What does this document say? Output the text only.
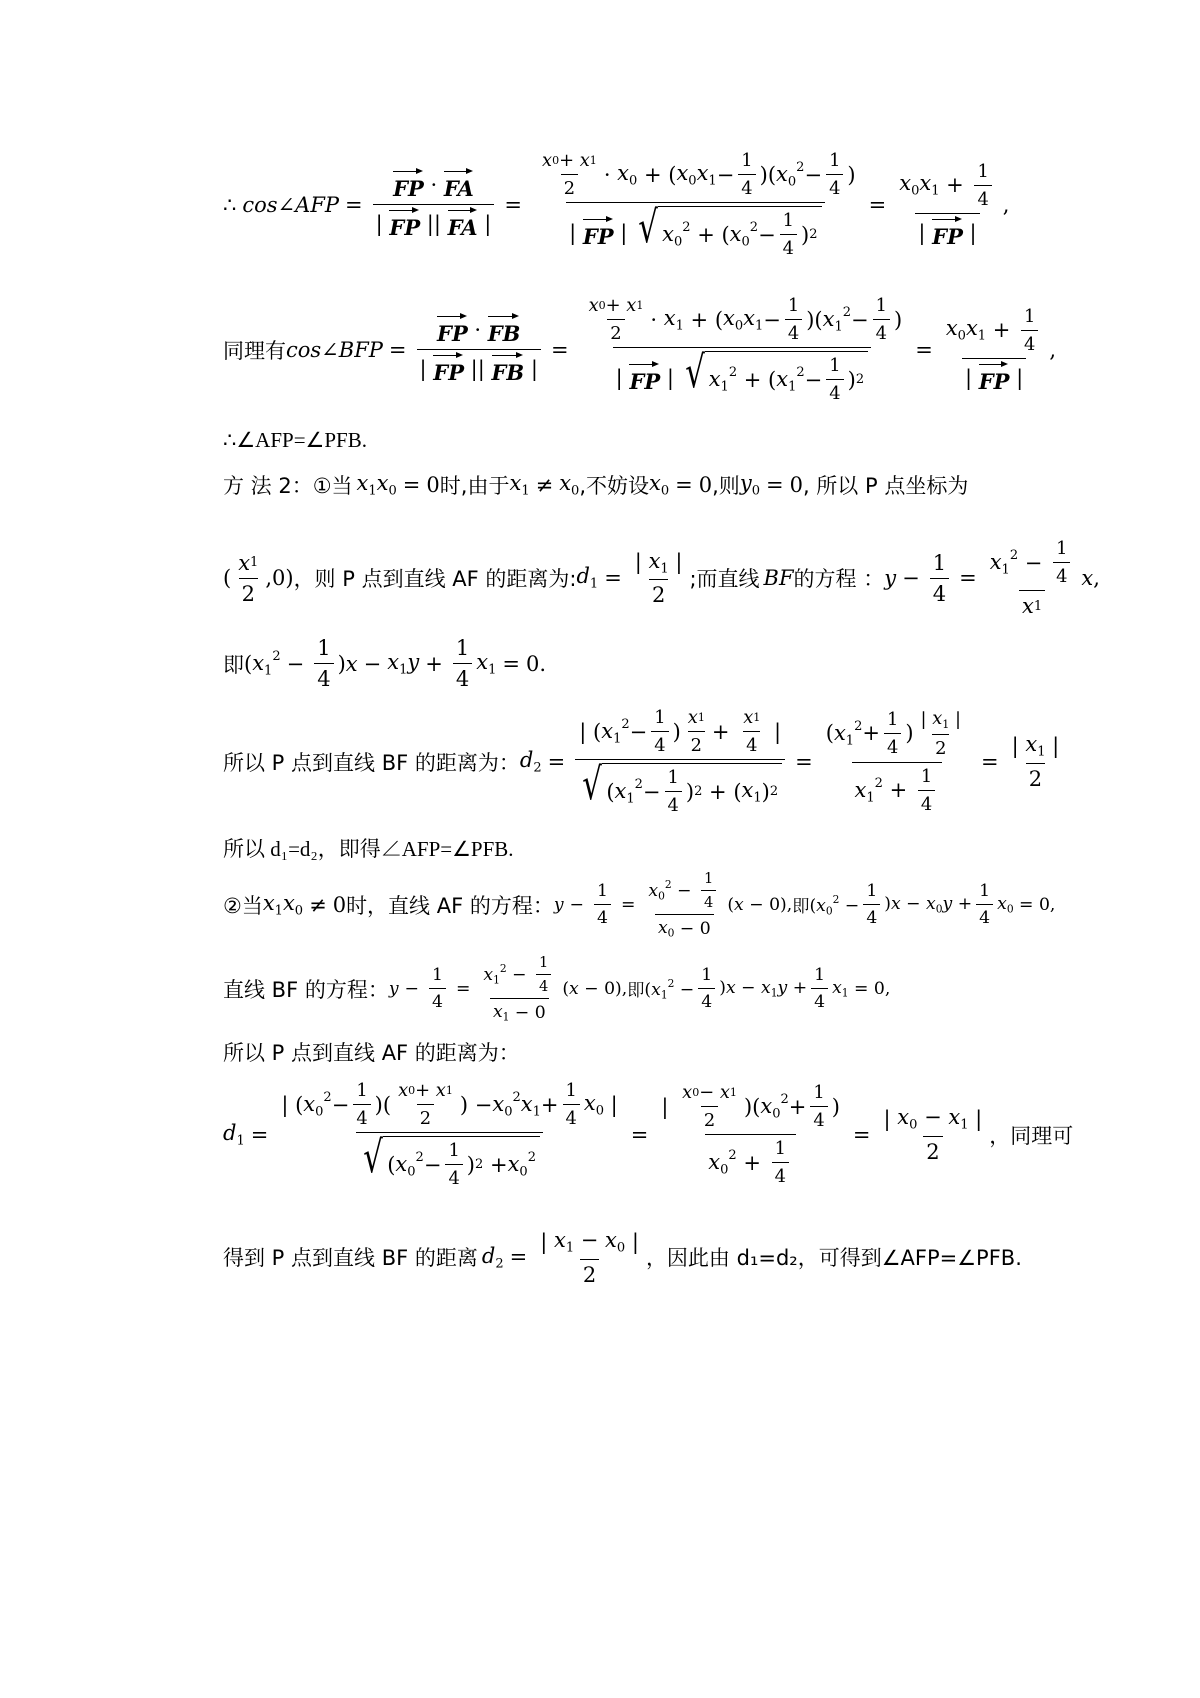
∴ cos∠AFP = $\frac{FP \cdot FA}{| FP || FA |} = x$ 0 + x 1
2
· $x_0$ + ( $x_0x_1$ −
1
4
)( $x_0^2$ −
1
4
)
| FP | √ $x_0^2$ + ( $x_0^2$ −
1
4
) $2 = x_0x_1$ +
1
4
| FP | ,
同理有 cos∠BFP = $\frac{FP \cdot FB}{| FP || FB |} = x$ 0 + x 1
2
· $x_1$ + ( $x_0x_1$ −
1
4
)( $x_1^2$ −
1
4
)
| FP | √ $x_1^2$ + ( $x_1^2$ −
1
4
) $2 = x_0x_1$ +
1
4
| FP | ,
∴∠AFP=∠PFB.
方 法 2：①当 $x_1x_0 = 0$ 时,由于 $x_1 \ne x_0$ ,不妨设 $x_0 = 0$ ,则 $y_0 = 0$ , 所以 P 点坐标为
(
x 1
2
,0) ，则 P 点到直线 AF 的距离为: $d_1 = \frac{| x_1 |}{2}$ ;而直线 BF 的方程 ： $y - \frac{1}{4} = x_1^2$ −
1
4
x 1 x ,
即 ( $x_1^2 - \frac{1}{4}$ ) $x - x_1y + \frac{1}{4} x_1 = 0$.
所以 P 点到直线 BF 的距离为： $d_2$ = | ( $x_1^2$ −
1
4
)
x 1
2
+
x 1
4
|
√ ( $x_1^2$ −
1
4
) 2 + ( $x_1$ ) 2 = ( $x_1^2$ +
1
4
)
| $x_1$ |
2
$x_1^2$ +
1
$4 = \frac{| x_1 |}{2}$
所以 d₁=d₂，即得∠AFP=∠PFB.
②当 $x_1x_0 \ne 0$ 时，直线 AF 的方程： $y - \frac{1}{4} = x_0^2$ −
1
4
$x_0 - 0$ (x − 0), 即 $(x_0^2 - \frac{1}{4} )x - x_0y + \frac{1}{4} x_0 = 0$,
直线 BF 的方程： $y - \frac{1}{4} = x_1^2$ −
1
4
$x_1 - 0$ (x − 0), 即 $(x_1^2 - \frac{1}{4} )x - x_1y + \frac{1}{4} x_1 = 0$,
所以 P 点到直线 AF 的距离为：
$d_1$ = | ( $x_0^2$ −
1
4
)(
x 0 + x 1
2
) − $x_0^2x_1$ +
1
4
$x_0$ |
√ ( $x_0^2$ −
1
4
) $2 + x_0^2$ = |
x 0 − x 1
2
)( $x_0^2$ +
1
4
)
$x_0^2$ +
1
$4 = \frac{| x_0 - x_1 |}{2}$ ，同理可
得到 P 点到直线 BF 的距离 $d_2 = \frac{| x_1 - x_0 |}{2}$ ，因此由 d₁=d₂，可得到∠AFP=∠PFB.
